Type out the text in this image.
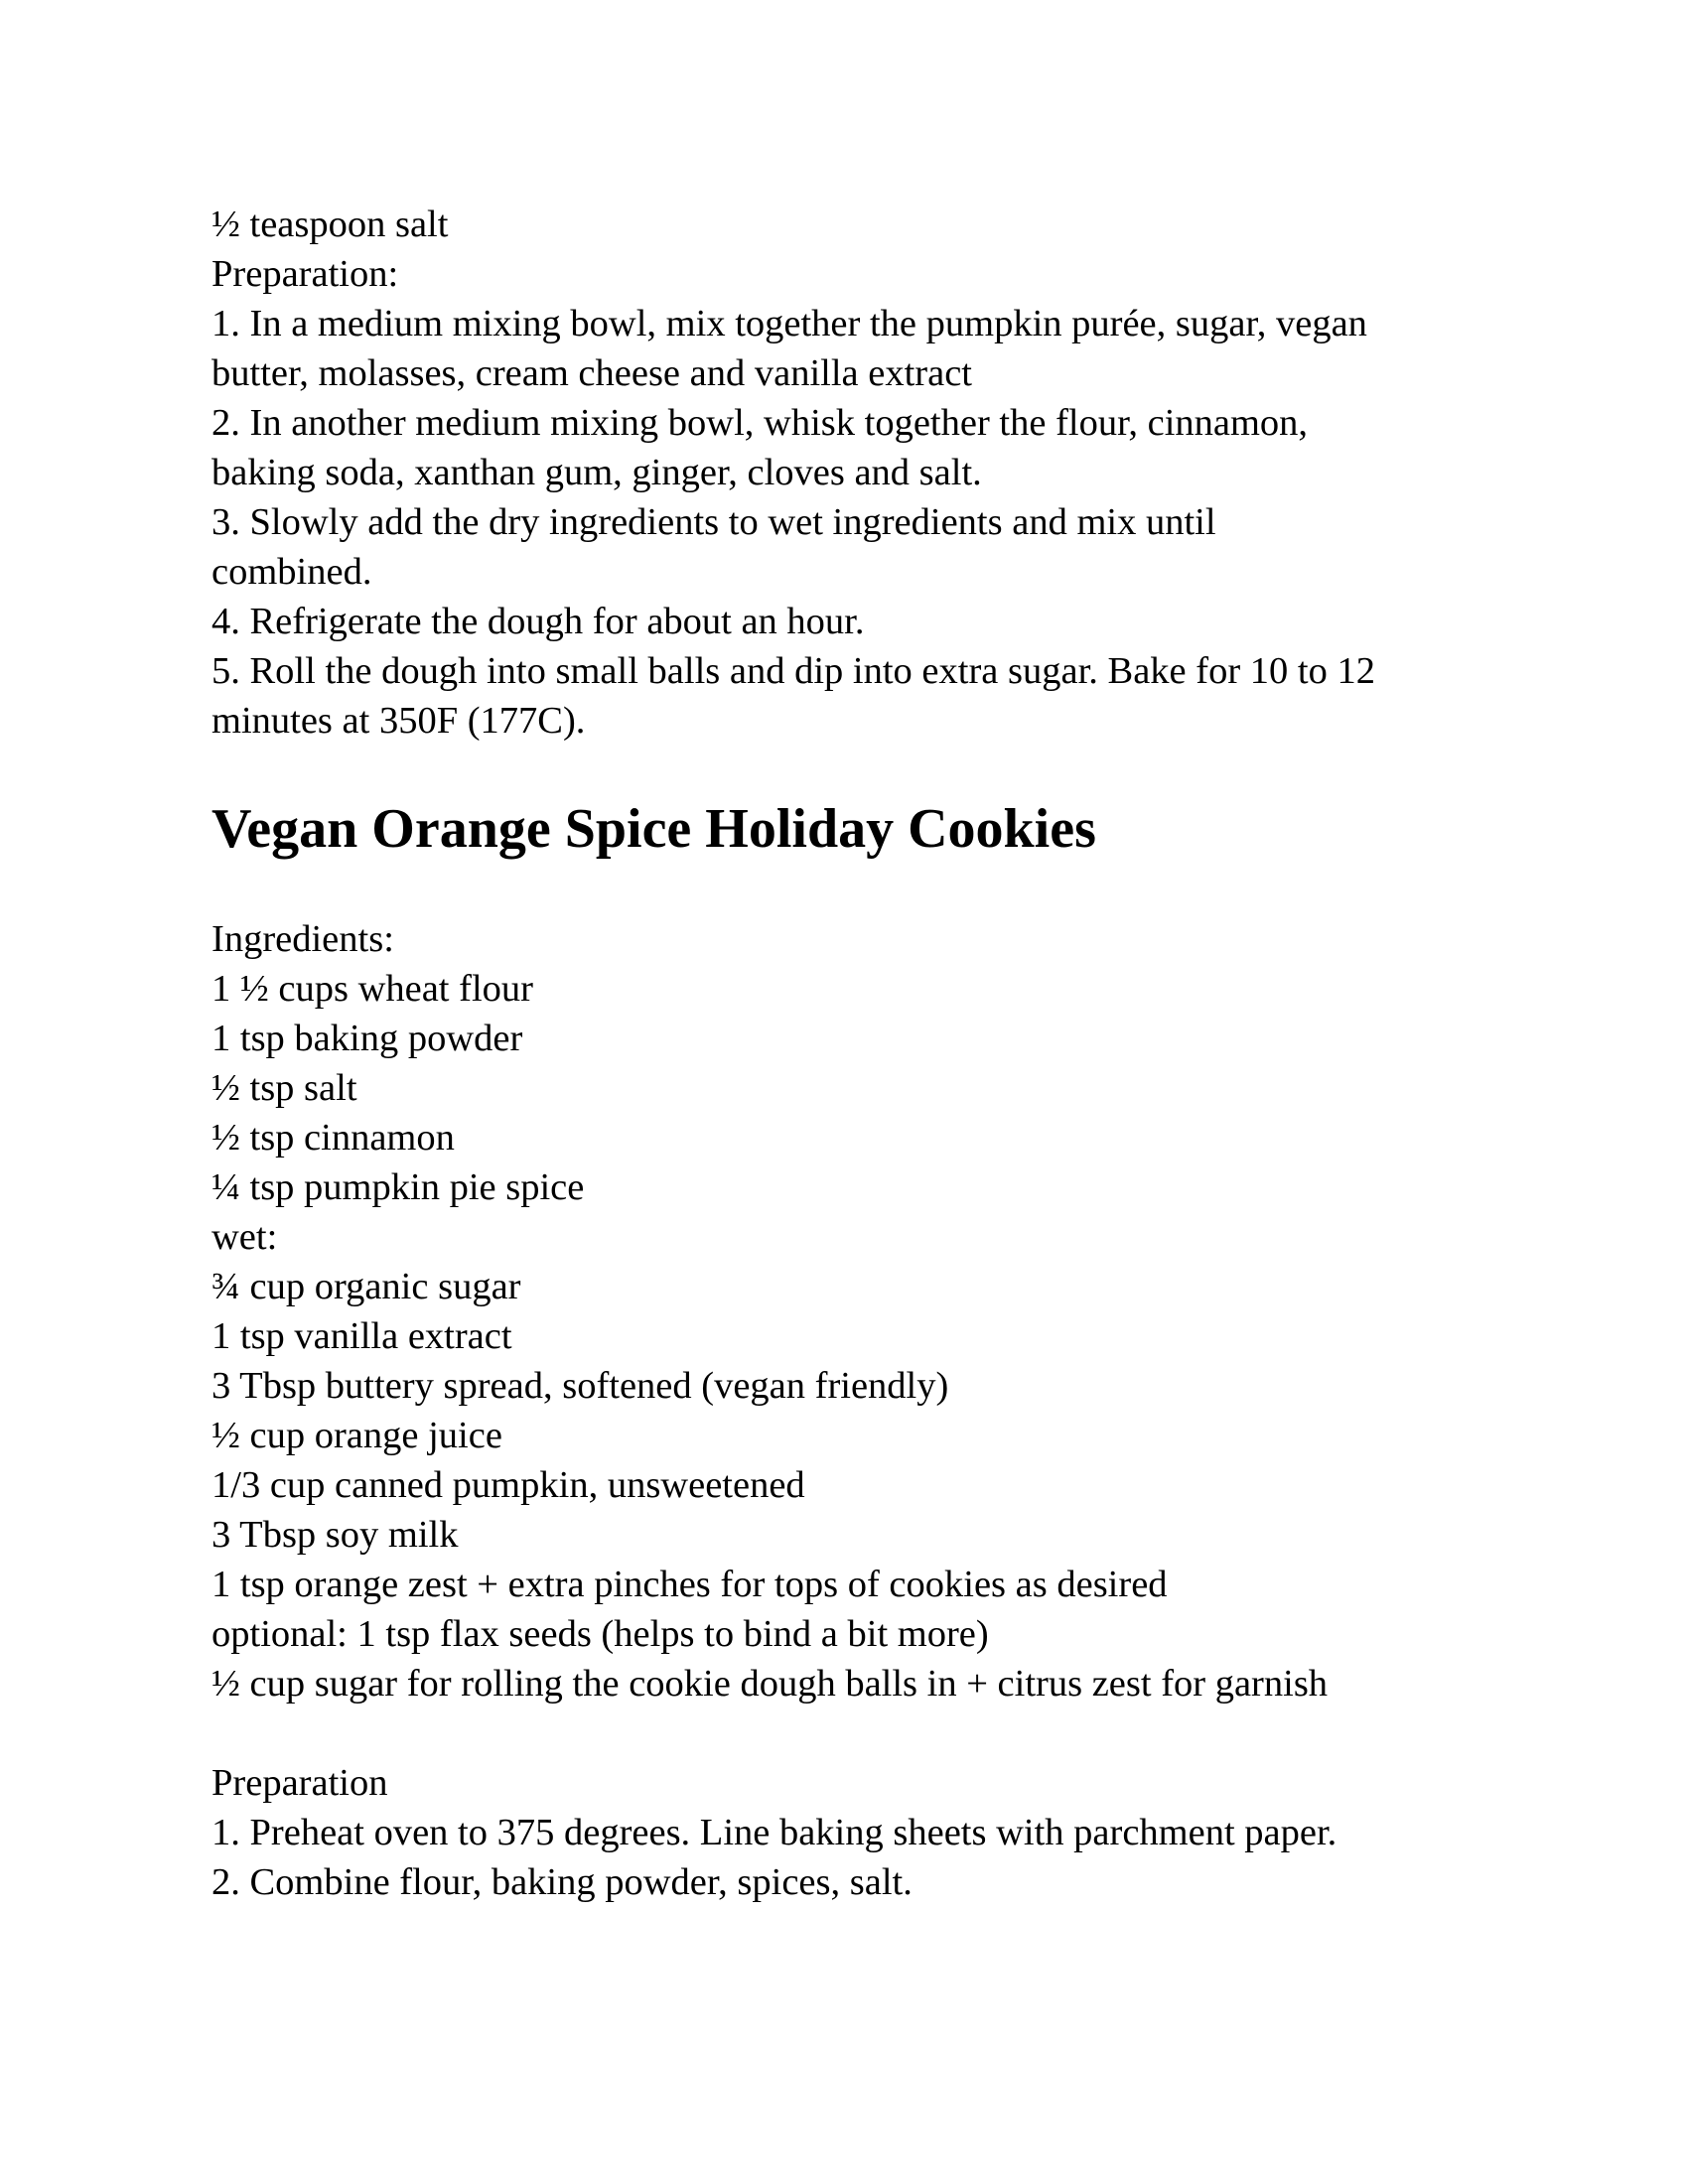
½ teaspoon salt
Preparation:
1. In a medium mixing bowl, mix together the pumpkin purée, sugar, vegan
butter, molasses, cream cheese and vanilla extract
2. In another medium mixing bowl, whisk together the flour, cinnamon,
baking soda, xanthan gum, ginger, cloves and salt.
3. Slowly add the dry ingredients to wet ingredients and mix until
combined.
4. Refrigerate the dough for about an hour.
5. Roll the dough into small balls and dip into extra sugar. Bake for 10 to 12
minutes at 350F (177C).
Vegan Orange Spice Holiday Cookies
Ingredients:
1 ½ cups wheat flour
1 tsp baking powder
½ tsp salt
½ tsp cinnamon
¼ tsp pumpkin pie spice
wet:
¾ cup organic sugar
1 tsp vanilla extract
3 Tbsp buttery spread, softened (vegan friendly)
½ cup orange juice
1/3 cup canned pumpkin, unsweetened
3 Tbsp soy milk
1 tsp orange zest + extra pinches for tops of cookies as desired
optional: 1 tsp flax seeds (helps to bind a bit more)
½ cup sugar for rolling the cookie dough balls in + citrus zest for garnish
Preparation
1. Preheat oven to 375 degrees. Line baking sheets with parchment paper.
2. Combine flour, baking powder, spices, salt.
